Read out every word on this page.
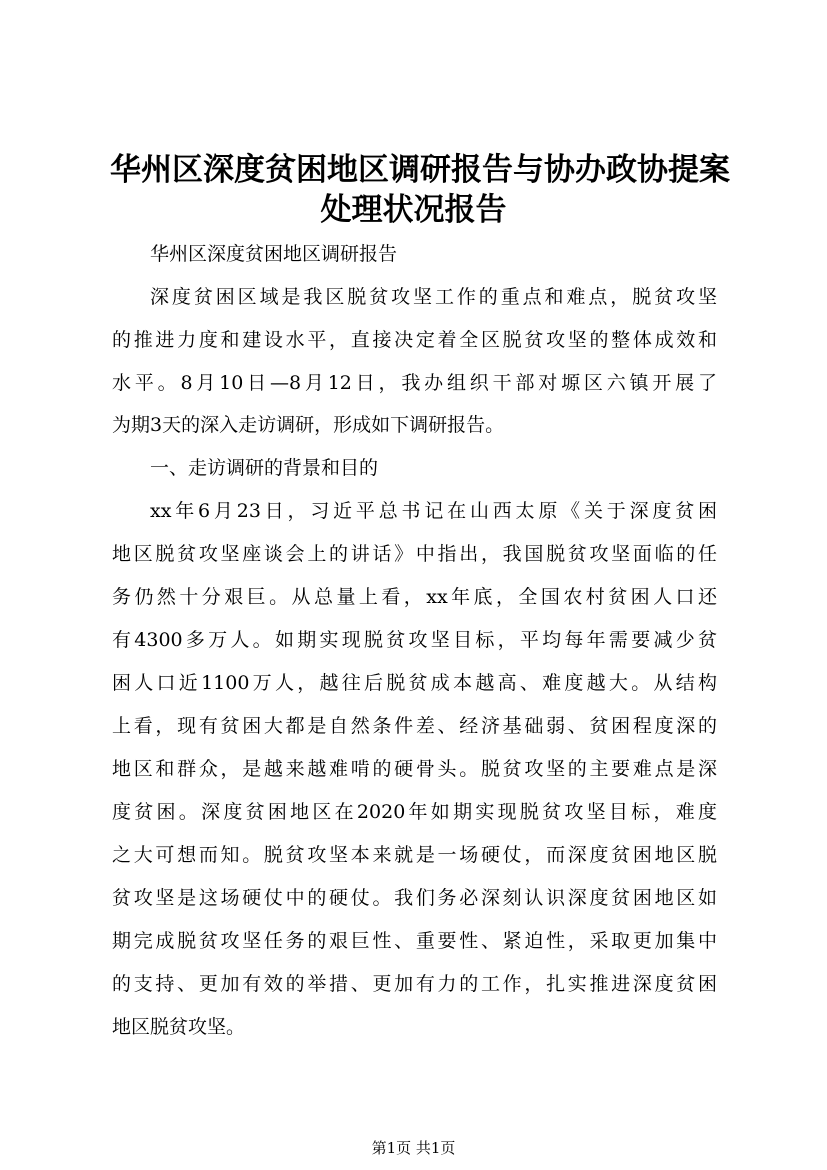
华州区深度贫困地区调研报告与协办政协提案
处理状况报告
华州区深度贫困地区调研报告
深度贫困区域是我区脱贫攻坚工作的重点和难点，脱贫攻坚
的推进力度和建设水平，直接决定着全区脱贫攻坚的整体成效和
水平。8月10日—8月12日，我办组织干部对塬区六镇开展了
为期3天的深入走访调研，形成如下调研报告。
一、走访调研的背景和目的
xx年6月23日，习近平总书记在山西太原《关于深度贫困
地区脱贫攻坚座谈会上的讲话》中指出，我国脱贫攻坚面临的任
务仍然十分艰巨。从总量上看，xx年底，全国农村贫困人口还
有4300多万人。如期实现脱贫攻坚目标，平均每年需要减少贫
困人口近1100万人，越往后脱贫成本越高、难度越大。从结构
上看，现有贫困大都是自然条件差、经济基础弱、贫困程度深的
地区和群众，是越来越难啃的硬骨头。脱贫攻坚的主要难点是深
度贫困。深度贫困地区在2020年如期实现脱贫攻坚目标，难度
之大可想而知。脱贫攻坚本来就是一场硬仗，而深度贫困地区脱
贫攻坚是这场硬仗中的硬仗。我们务必深刻认识深度贫困地区如
期完成脱贫攻坚任务的艰巨性、重要性、紧迫性，采取更加集中
的支持、更加有效的举措、更加有力的工作，扎实推进深度贫困
地区脱贫攻坚。
第1页 共1页
